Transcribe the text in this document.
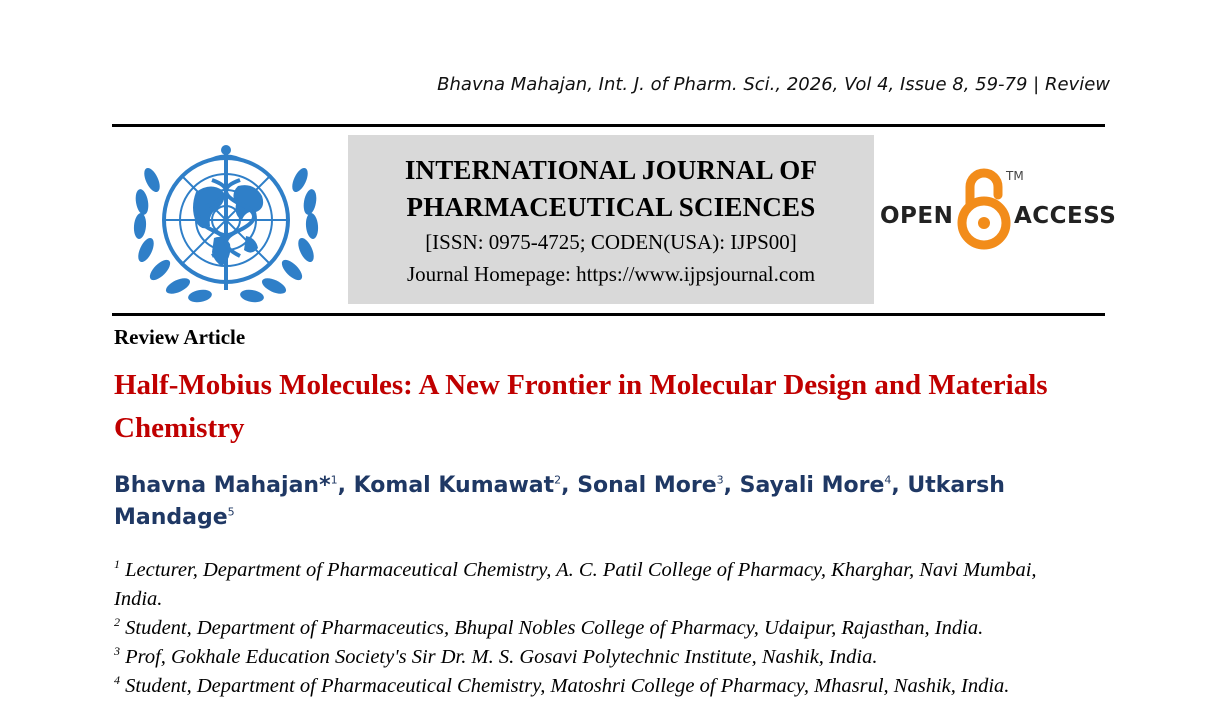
Bhavna Mahajan, Int. J. of Pharm. Sci., 2026, Vol 4, Issue 8, 59-79 | Review
INTERNATIONAL JOURNAL OF
PHARMACEUTICAL SCIENCES
[ISSN: 0975-4725; CODEN(USA): IJPS00]
Journal Homepage: https://www.ijpsjournal.com
OPEN
TM
ACCESS
Review Article
Half-Mobius Molecules: A New Frontier in Molecular Design and Materials Chemistry
Bhavna Mahajan*$^1$, Komal Kumawat$^2$, Sonal More$^3$, Sayali More$^4$, Utkarsh Mandage$^5$
$^1$ Lecturer, Department of Pharmaceutical Chemistry, A. C. Patil College of Pharmacy, Kharghar, Navi Mumbai, India.
$^2$ Student, Department of Pharmaceutics, Bhupal Nobles College of Pharmacy, Udaipur, Rajasthan, India.
$^3$ Prof, Gokhale Education Society's Sir Dr. M. S. Gosavi Polytechnic Institute, Nashik, India.
$^4$ Student, Department of Pharmaceutical Chemistry, Matoshri College of Pharmacy, Mhasrul, Nashik, India.
